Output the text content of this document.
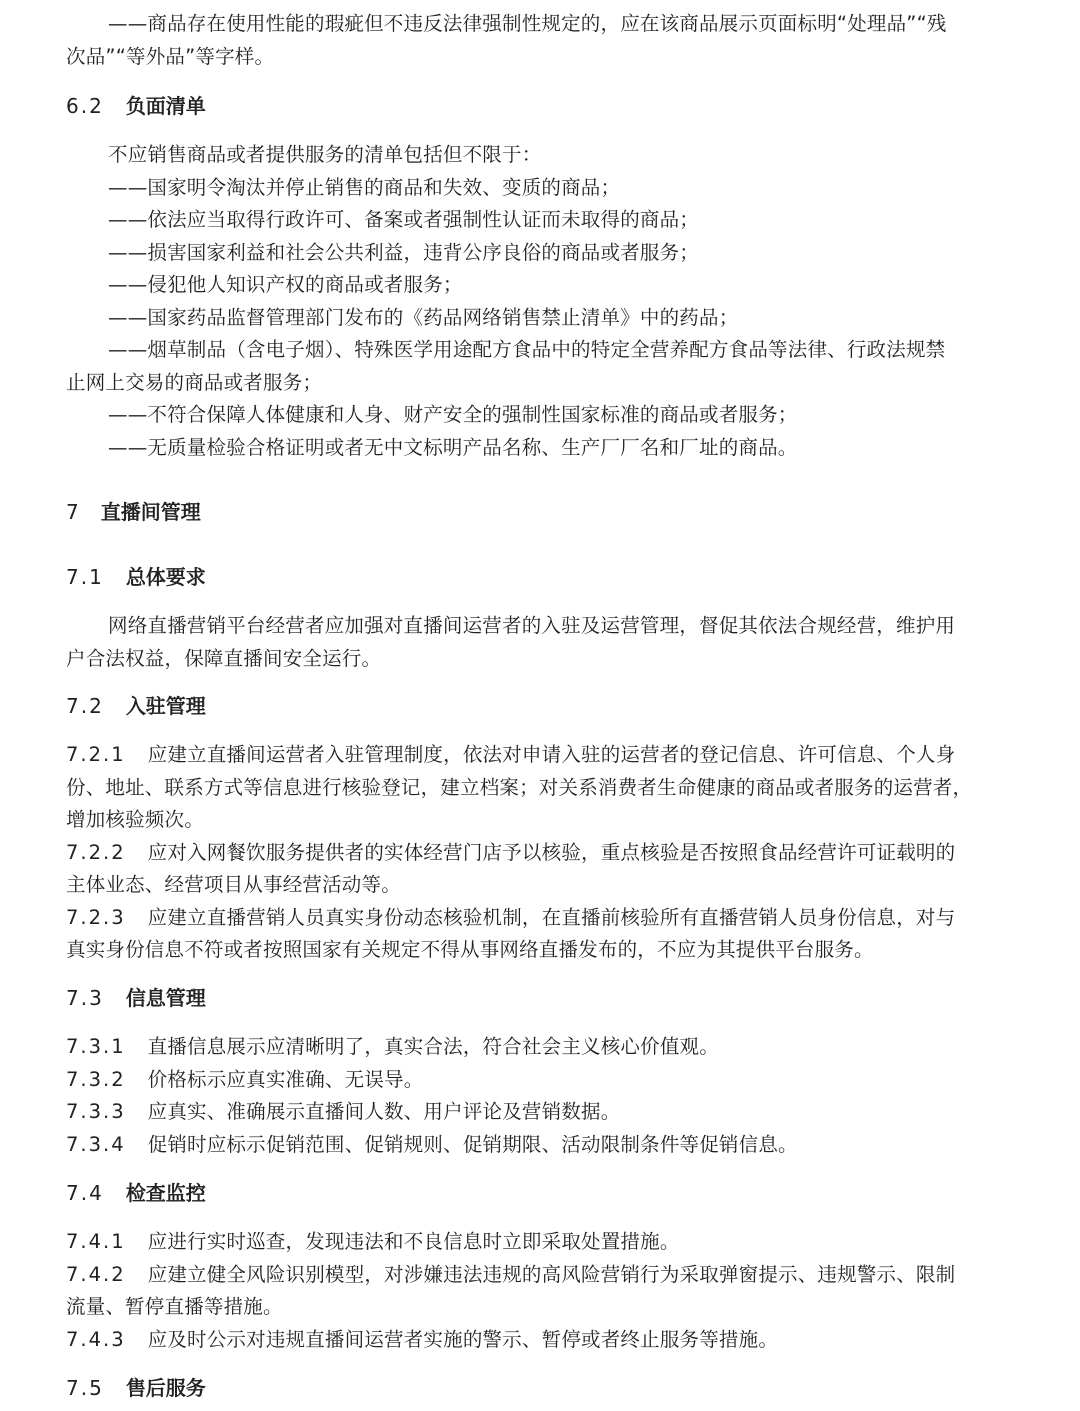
——商品存在使用性能的瑕疵但不违反法律强制性规定的，应在该商品展示页面标明“处理品”“残
次品”“等外品”等字样。
6.2 负面清单
不应销售商品或者提供服务的清单包括但不限于：
——国家明令淘汰并停止销售的商品和失效、变质的商品；
——依法应当取得行政许可、备案或者强制性认证而未取得的商品；
——损害国家利益和社会公共利益，违背公序良俗的商品或者服务；
——侵犯他人知识产权的商品或者服务；
——国家药品监督管理部门发布的《药品网络销售禁止清单》中的药品；
——烟草制品（含电子烟）、特殊医学用途配方食品中的特定全营养配方食品等法律、行政法规禁
止网上交易的商品或者服务；
——不符合保障人体健康和人身、财产安全的强制性国家标准的商品或者服务；
——无质量检验合格证明或者无中文标明产品名称、生产厂厂名和厂址的商品。
7 直播间管理
7.1 总体要求
网络直播营销平台经营者应加强对直播间运营者的入驻及运营管理，督促其依法合规经营，维护用
户合法权益，保障直播间安全运行。
7.2 入驻管理
7.2.1 应建立直播间运营者入驻管理制度，依法对申请入驻的运营者的登记信息、许可信息、个人身
份、地址、联系方式等信息进行核验登记，建立档案；对关系消费者生命健康的商品或者服务的运营者，
增加核验频次。
7.2.2 应对入网餐饮服务提供者的实体经营门店予以核验，重点核验是否按照食品经营许可证载明的
主体业态、经营项目从事经营活动等。
7.2.3 应建立直播营销人员真实身份动态核验机制，在直播前核验所有直播营销人员身份信息，对与
真实身份信息不符或者按照国家有关规定不得从事网络直播发布的，不应为其提供平台服务。
7.3 信息管理
7.3.1 直播信息展示应清晰明了，真实合法，符合社会主义核心价值观。
7.3.2 价格标示应真实准确、无误导。
7.3.3 应真实、准确展示直播间人数、用户评论及营销数据。
7.3.4 促销时应标示促销范围、促销规则、促销期限、活动限制条件等促销信息。
7.4 检查监控
7.4.1 应进行实时巡查，发现违法和不良信息时立即采取处置措施。
7.4.2 应建立健全风险识别模型，对涉嫌违法违规的高风险营销行为采取弹窗提示、违规警示、限制
流量、暂停直播等措施。
7.4.3 应及时公示对违规直播间运营者实施的警示、暂停或者终止服务等措施。
7.5 售后服务
